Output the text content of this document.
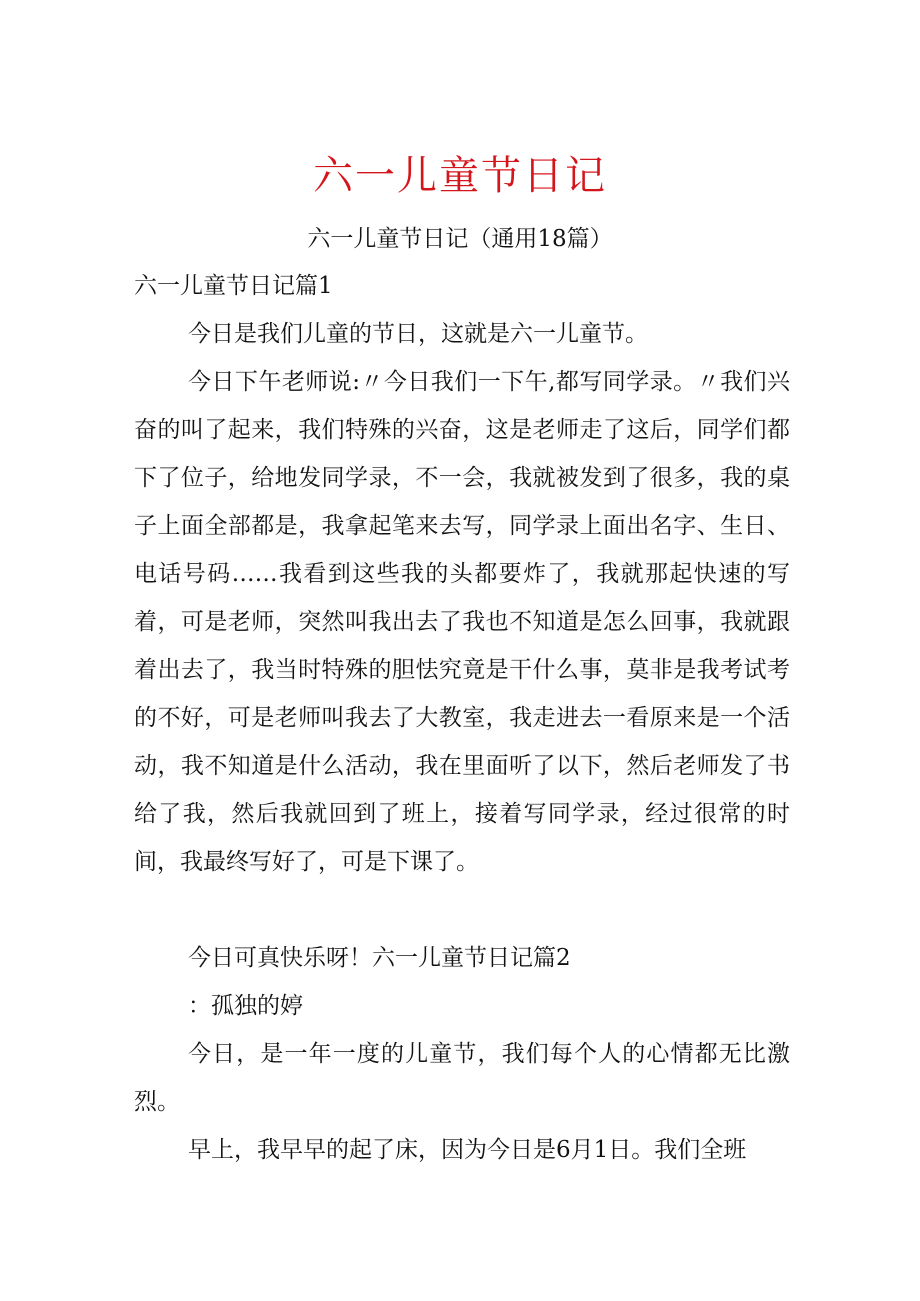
六一儿童节日记

六一儿童节日记（通用18篇）

六一儿童节日记篇1

今日是我们儿童的节日，这就是六一儿童节。

今日下午老师说:〃今日我们一下午,都写同学录。〃我们兴奋的叫了起来，我们特殊的兴奋，这是老师走了这后，同学们都下了位子，给地发同学录，不一会，我就被发到了很多，我的桌子上面全部都是，我拿起笔来去写，同学录上面出名字、生日、电话号码……我看到这些我的头都要炸了，我就那起快速的写着，可是老师，突然叫我出去了我也不知道是怎么回事，我就跟着出去了，我当时特殊的胆怯究竟是干什么事，莫非是我考试考的不好，可是老师叫我去了大教室，我走进去一看原来是一个活动，我不知道是什么活动，我在里面听了以下，然后老师发了书给了我，然后我就回到了班上，接着写同学录，经过很常的时间，我最终写好了，可是下课了。

今日可真快乐呀！六一儿童节日记篇2

：孤独的婷

今日，是一年一度的儿童节，我们每个人的心情都无比激烈。

早上，我早早的起了床，因为今日是6月1日。我们全班
